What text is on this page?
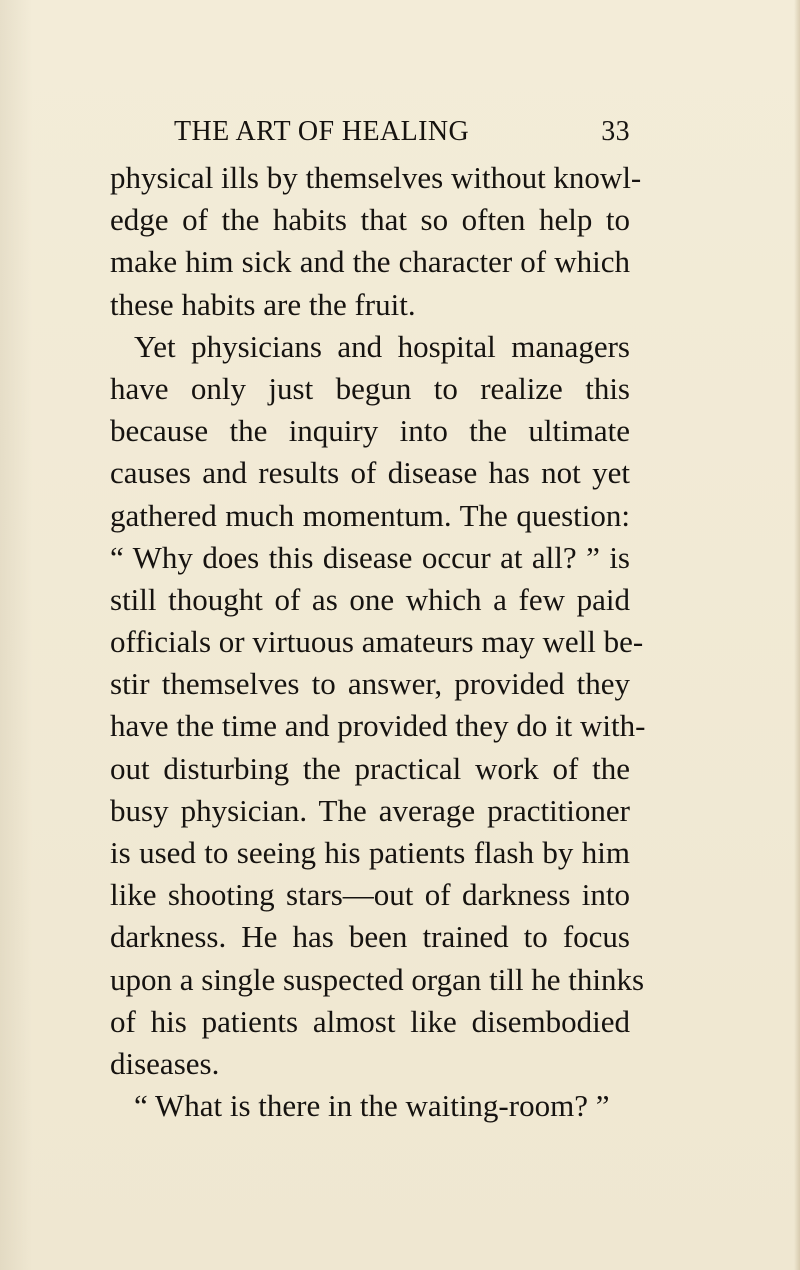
THE ART OF HEALING	33
physical ills by themselves without knowl-
edge of the habits that so often help to
make him sick and the character of which
these habits are the fruit.
Yet physicians and hospital managers
have only just begun to realize this
because the inquiry into the ultimate
causes and results of disease has not yet
gathered much momentum. The question:
“ Why does this disease occur at all? ” is
still thought of as one which a few paid
officials or virtuous amateurs may well be-
stir themselves to answer, provided they
have the time and provided they do it with-
out disturbing the practical work of the
busy physician. The average practitioner
is used to seeing his patients flash by him
like shooting stars—out of darkness into
darkness. He has been trained to focus
upon a single suspected organ till he thinks
of his patients almost like disembodied
diseases.
“ What is there in the waiting-room? ”
